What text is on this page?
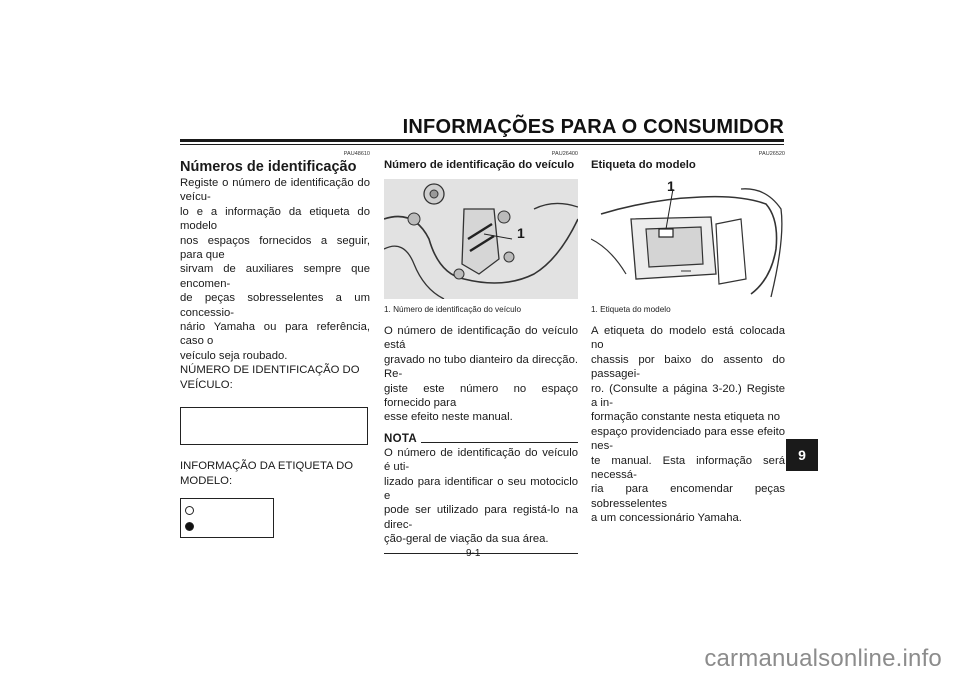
INFORMAÇÕES PARA O CONSUMIDOR
PAU48610
Números de identificação
Registe o número de identificação do veícu-
lo e a informação da etiqueta do modelo
nos espaços fornecidos a seguir, para que
sirvam de auxiliares sempre que encomen-
de peças sobresselentes a um concessio-
nário Yamaha ou para referência, caso o
veículo seja roubado.
NÚMERO DE IDENTIFICAÇÃO DO
VEÍCULO:
INFORMAÇÃO DA ETIQUETA DO
MODELO:
PAU26400
Número de identificação do veículo
1
1. Número de identificação do veículo
O número de identificação do veículo está
gravado no tubo dianteiro da direcção. Re-
giste este número no espaço fornecido para
esse efeito neste manual.
NOTA
O número de identificação do veículo é uti-
lizado para identificar o seu motociclo e
pode ser utilizado para registá-lo na direc-
ção-geral de viação da sua área.
PAU26520
Etiqueta do modelo
1
1. Etiqueta do modelo
A etiqueta do modelo está colocada no
chassis por baixo do assento do passagei-
ro. (Consulte a página 3-20.) Registe a in-
formação constante nesta etiqueta no
espaço providenciado para esse efeito nes-
te manual. Esta informação será necessá-
ria para encomendar peças sobresselentes
a um concessionário Yamaha.
9
9-1
carmanualsonline.info
